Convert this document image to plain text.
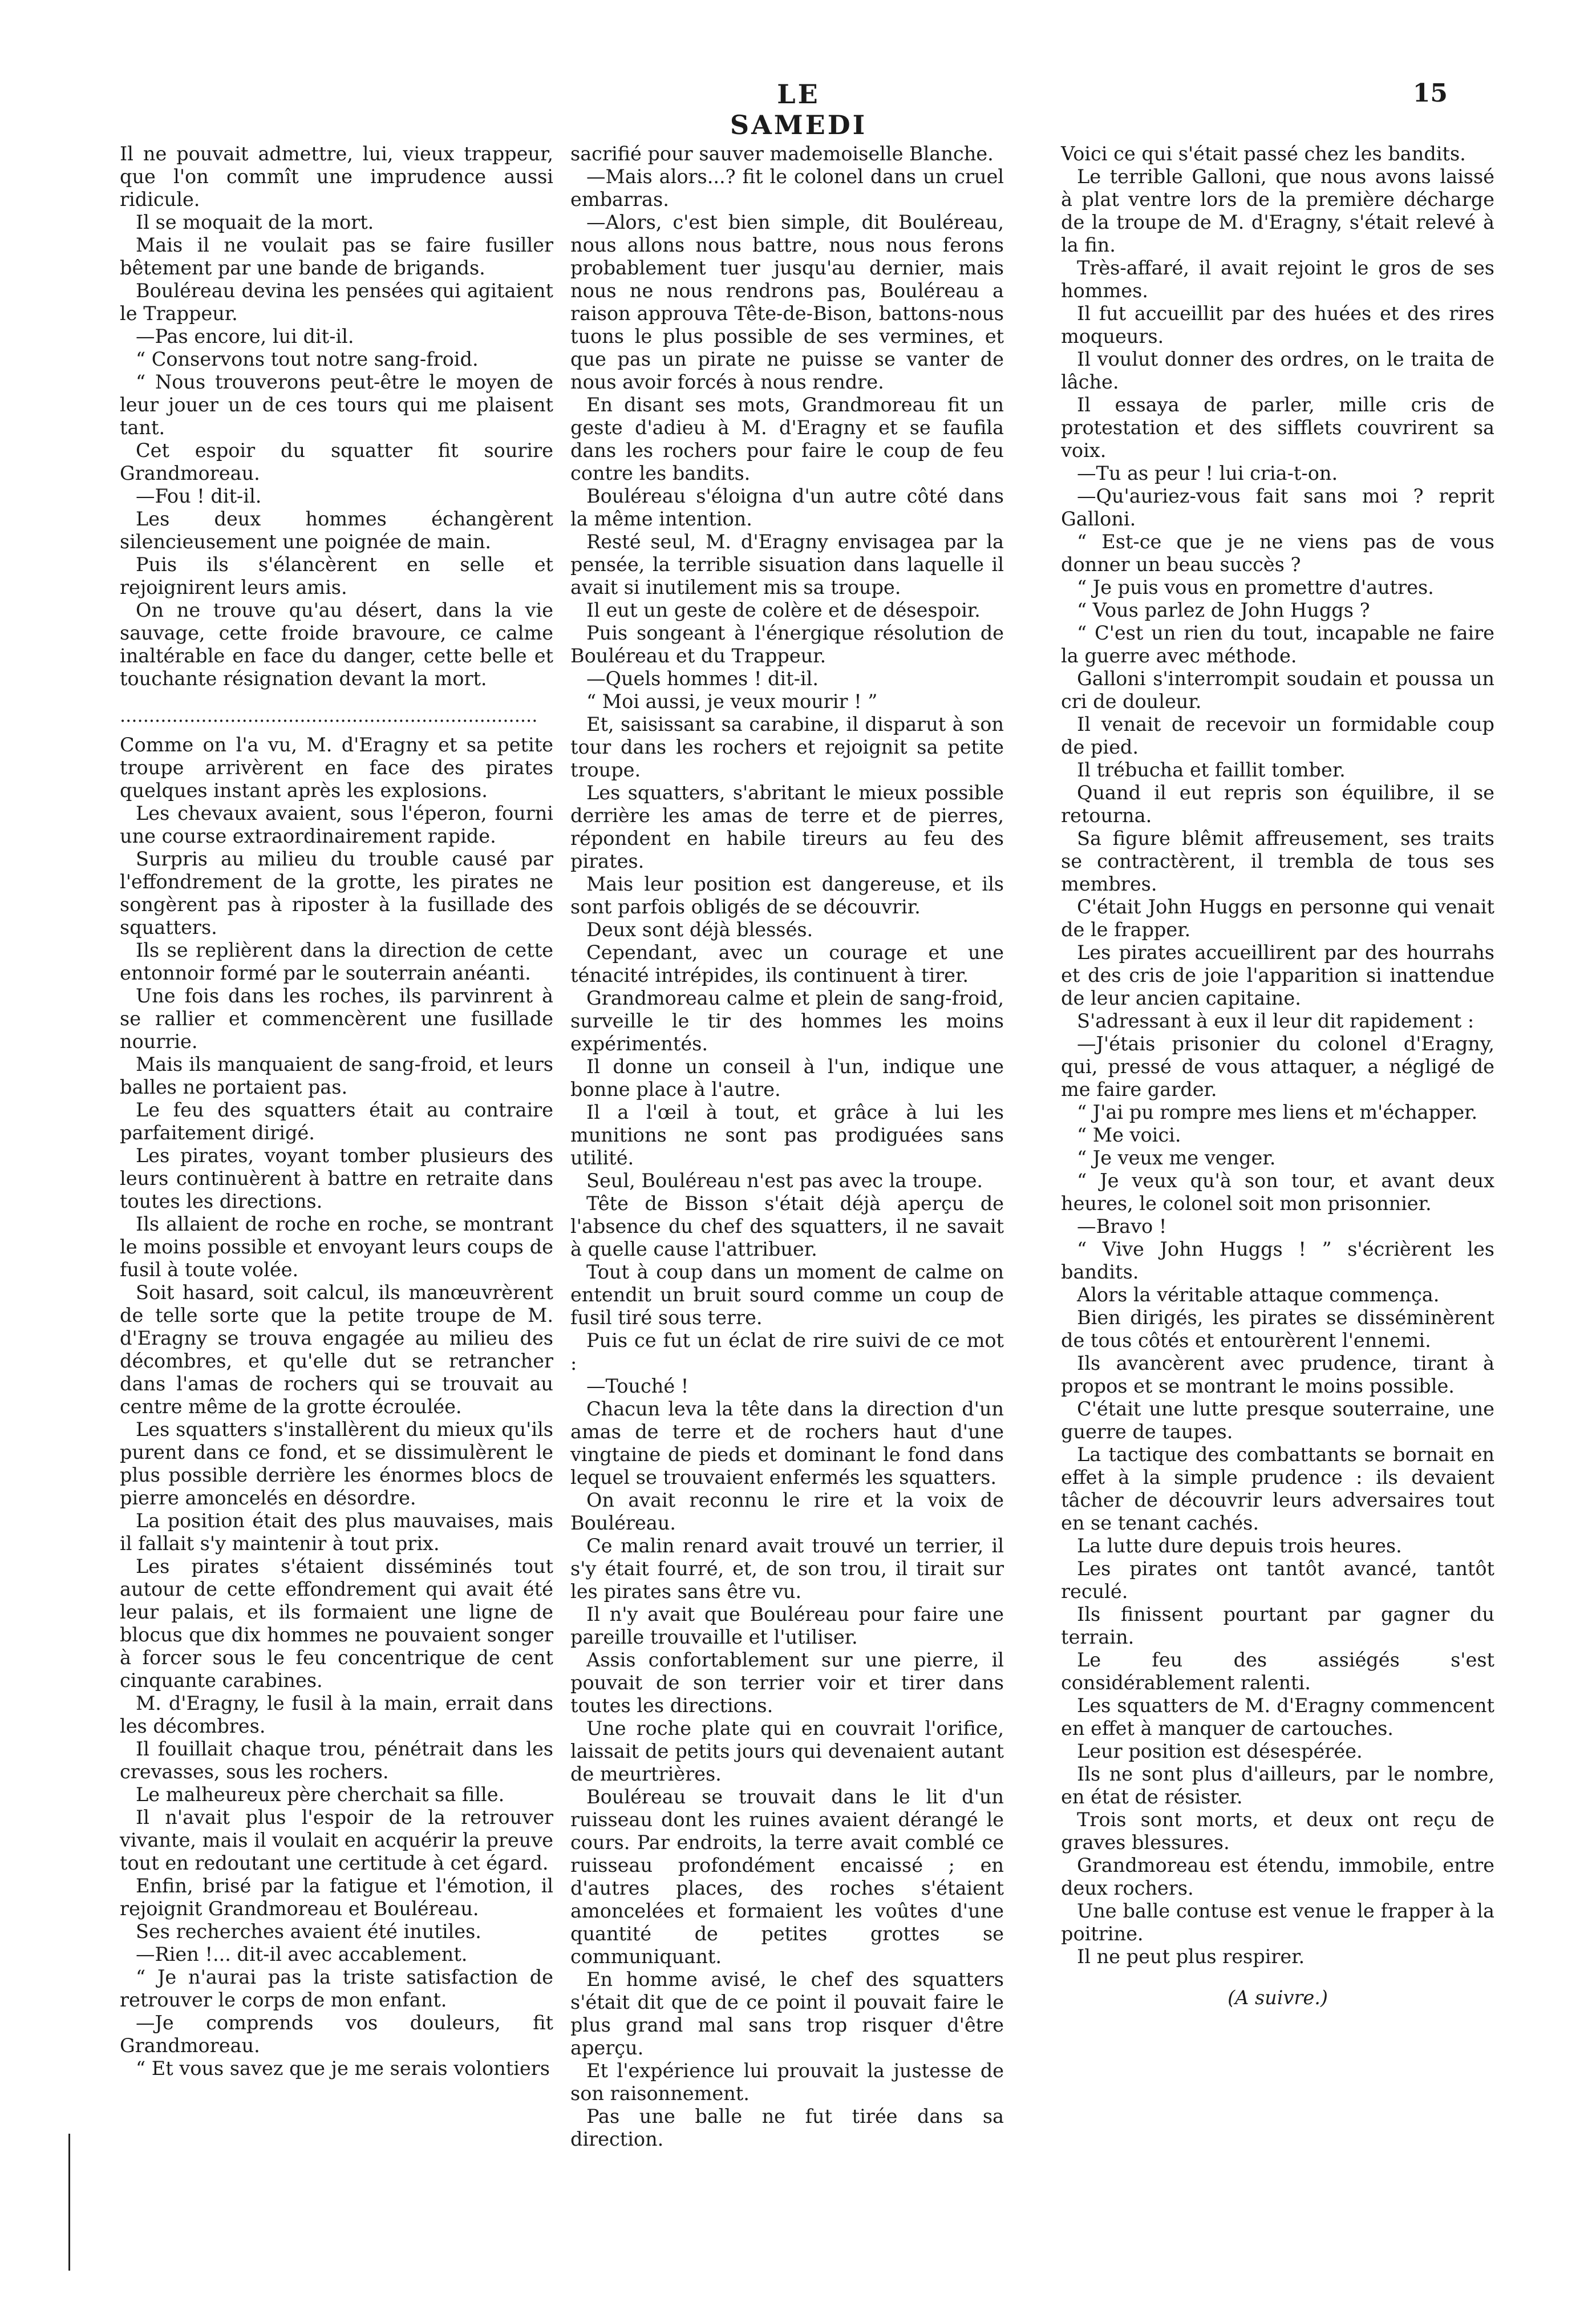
LE SAMEDI
15

Il ne pouvait admettre, lui, vieux trappeur, que l'on commît une imprudence aussi ridicule.

Il se moquait de la mort.

Mais il ne voulait pas se faire fusiller bêtement par une bande de brigands.

Bouléreau devina les pensées qui agitaient le Trappeur.

—Pas encore, lui dit-il.

“ Conservons tout notre sang-froid.

“ Nous trouverons peut-être le moyen de leur jouer un de ces tours qui me plaisent tant.

Cet espoir du squatter fit sourire Grandmoreau.

—Fou ! dit-il.

Les deux hommes échangèrent silencieusement une poignée de main.

Puis ils s'élancèrent en selle et rejoignirent leurs amis.

On ne trouve qu'au désert, dans la vie sauvage, cette froide bravoure, ce calme inaltérable en face du danger, cette belle et touchante résignation devant la mort.

........................................................................

Comme on l'a vu, M. d'Eragny et sa petite troupe arrivèrent en face des pirates quelques instant après les explosions.

Les chevaux avaient, sous l'éperon, fourni une course extraordinairement rapide.

Surpris au milieu du trouble causé par l'effondrement de la grotte, les pirates ne songèrent pas à riposter à la fusillade des squatters.

Ils se replièrent dans la direction de cette entonnoir formé par le souterrain anéanti.

Une fois dans les roches, ils parvinrent à se rallier et commencèrent une fusillade nourrie.

Mais ils manquaient de sang-froid, et leurs balles ne portaient pas.

Le feu des squatters était au contraire parfaitement dirigé.

Les pirates, voyant tomber plusieurs des leurs continuèrent à battre en retraite dans toutes les directions.

Ils allaient de roche en roche, se montrant le moins possible et envoyant leurs coups de fusil à toute volée.

Soit hasard, soit calcul, ils manœuvrèrent de telle sorte que la petite troupe de M. d'Eragny se trouva engagée au milieu des décombres, et qu'elle dut se retrancher dans l'amas de rochers qui se trouvait au centre même de la grotte écroulée.

Les squatters s'installèrent du mieux qu'ils purent dans ce fond, et se dissimulèrent le plus possible derrière les énormes blocs de pierre amoncelés en désordre.

La position était des plus mauvaises, mais il fallait s'y maintenir à tout prix.

Les pirates s'étaient disséminés tout autour de cette effondrement qui avait été leur palais, et ils formaient une ligne de blocus que dix hommes ne pouvaient songer à forcer sous le feu concentrique de cent cinquante carabines.

M. d'Eragny, le fusil à la main, errait dans les décombres.

Il fouillait chaque trou, pénétrait dans les crevasses, sous les rochers.

Le malheureux père cherchait sa fille.

Il n'avait plus l'espoir de la retrouver vivante, mais il voulait en acquérir la preuve tout en redoutant une certitude à cet égard.

Enfin, brisé par la fatigue et l'émotion, il rejoignit Grandmoreau et Bouléreau.

Ses recherches avaient été inutiles.

—Rien !... dit-il avec accablement.

“ Je n'aurai pas la triste satisfaction de retrouver le corps de mon enfant.

—Je comprends vos douleurs, fit Grandmoreau.

“ Et vous savez que je me serais volontiers

sacrifié pour sauver mademoiselle Blanche.

—Mais alors...? fit le colonel dans un cruel embarras.

—Alors, c'est bien simple, dit Bouléreau, nous allons nous battre, nous nous ferons probablement tuer jusqu'au dernier, mais nous ne nous rendrons pas, Bouléreau a raison approuva Tête-de-Bison, battons-nous tuons le plus possible de ses vermines, et que pas un pirate ne puisse se vanter de nous avoir forcés à nous rendre.

En disant ses mots, Grandmoreau fit un geste d'adieu à M. d'Eragny et se faufila dans les rochers pour faire le coup de feu contre les bandits.

Bouléreau s'éloigna d'un autre côté dans la même intention.

Resté seul, M. d'Eragny envisagea par la pensée, la terrible sisuation dans laquelle il avait si inutilement mis sa troupe.

Il eut un geste de colère et de désespoir.

Puis songeant à l'énergique résolution de Bouléreau et du Trappeur.

—Quels hommes ! dit-il.

“ Moi aussi, je veux mourir ! ”

Et, saisissant sa carabine, il disparut à son tour dans les rochers et rejoignit sa petite troupe.

Les squatters, s'abritant le mieux possible derrière les amas de terre et de pierres, répondent en habile tireurs au feu des pirates.

Mais leur position est dangereuse, et ils sont parfois obligés de se découvrir.

Deux sont déjà blessés.

Cependant, avec un courage et une ténacité intrépides, ils continuent à tirer.

Grandmoreau calme et plein de sang-froid, surveille le tir des hommes les moins expérimentés.

Il donne un conseil à l'un, indique une bonne place à l'autre.

Il a l'œil à tout, et grâce à lui les munitions ne sont pas prodiguées sans utilité.

Seul, Bouléreau n'est pas avec la troupe.

Tête de Bisson s'était déjà aperçu de l'absence du chef des squatters, il ne savait à quelle cause l'attribuer.

Tout à coup dans un moment de calme on entendit un bruit sourd comme un coup de fusil tiré sous terre.

Puis ce fut un éclat de rire suivi de ce mot :

—Touché !

Chacun leva la tête dans la direction d'un amas de terre et de rochers haut d'une vingtaine de pieds et dominant le fond dans lequel se trouvaient enfermés les squatters.

On avait reconnu le rire et la voix de Bouléreau.

Ce malin renard avait trouvé un terrier, il s'y était fourré, et, de son trou, il tirait sur les pirates sans être vu.

Il n'y avait que Bouléreau pour faire une pareille trouvaille et l'utiliser.

Assis confortablement sur une pierre, il pouvait de son terrier voir et tirer dans toutes les directions.

Une roche plate qui en couvrait l'orifice, laissait de petits jours qui devenaient autant de meurtrières.

Bouléreau se trouvait dans le lit d'un ruisseau dont les ruines avaient dérangé le cours. Par endroits, la terre avait comblé ce ruisseau profondément encaissé ; en d'autres places, des roches s'étaient amoncelées et formaient les voûtes d'une quantité de petites grottes se communiquant.

En homme avisé, le chef des squatters s'était dit que de ce point il pouvait faire le plus grand mal sans trop risquer d'être aperçu.

Et l'expérience lui prouvait la justesse de son raisonnement.

Pas une balle ne fut tirée dans sa direction.

Voici ce qui s'était passé chez les bandits.

Le terrible Galloni, que nous avons laissé à plat ventre lors de la première décharge de la troupe de M. d'Eragny, s'était relevé à la fin.

Très-affaré, il avait rejoint le gros de ses hommes.

Il fut accueillit par des huées et des rires moqueurs.

Il voulut donner des ordres, on le traita de lâche.

Il essaya de parler, mille cris de protestation et des sifflets couvrirent sa voix.

—Tu as peur ! lui cria-t-on.

—Qu'auriez-vous fait sans moi ? reprit Galloni.

“ Est-ce que je ne viens pas de vous donner un beau succès ?

“ Je puis vous en promettre d'autres.

“ Vous parlez de John Huggs ?

“ C'est un rien du tout, incapable ne faire la guerre avec méthode.

Galloni s'interrompit soudain et poussa un cri de douleur.

Il venait de recevoir un formidable coup de pied.

Il trébucha et faillit tomber.

Quand il eut repris son équilibre, il se retourna.

Sa figure blêmit affreusement, ses traits se contractèrent, il trembla de tous ses membres.

C'était John Huggs en personne qui venait de le frapper.

Les pirates accueillirent par des hourrahs et des cris de joie l'apparition si inattendue de leur ancien capitaine.

S'adressant à eux il leur dit rapidement :

—J'étais prisonier du colonel d'Eragny, qui, pressé de vous attaquer, a négligé de me faire garder.

“ J'ai pu rompre mes liens et m'échapper.

“ Me voici.

“ Je veux me venger.

“ Je veux qu'à son tour, et avant deux heures, le colonel soit mon prisonnier.

—Bravo !

“ Vive John Huggs ! ” s'écrièrent les bandits.

Alors la véritable attaque commença.

Bien dirigés, les pirates se disséminèrent de tous côtés et entourèrent l'ennemi.

Ils avancèrent avec prudence, tirant à propos et se montrant le moins possible.

C'était une lutte presque souterraine, une guerre de taupes.

La tactique des combattants se bornait en effet à la simple prudence : ils devaient tâcher de découvrir leurs adversaires tout en se tenant cachés.

La lutte dure depuis trois heures.

Les pirates ont tantôt avancé, tantôt reculé.

Ils finissent pourtant par gagner du terrain.

Le feu des assiégés s'est considérablement ralenti.

Les squatters de M. d'Eragny commencent en effet à manquer de cartouches.

Leur position est désespérée.

Ils ne sont plus d'ailleurs, par le nombre, en état de résister.

Trois sont morts, et deux ont reçu de graves blessures.

Grandmoreau est étendu, immobile, entre deux rochers.

Une balle contuse est venue le frapper à la poitrine.

Il ne peut plus respirer.

(A suivre.)
